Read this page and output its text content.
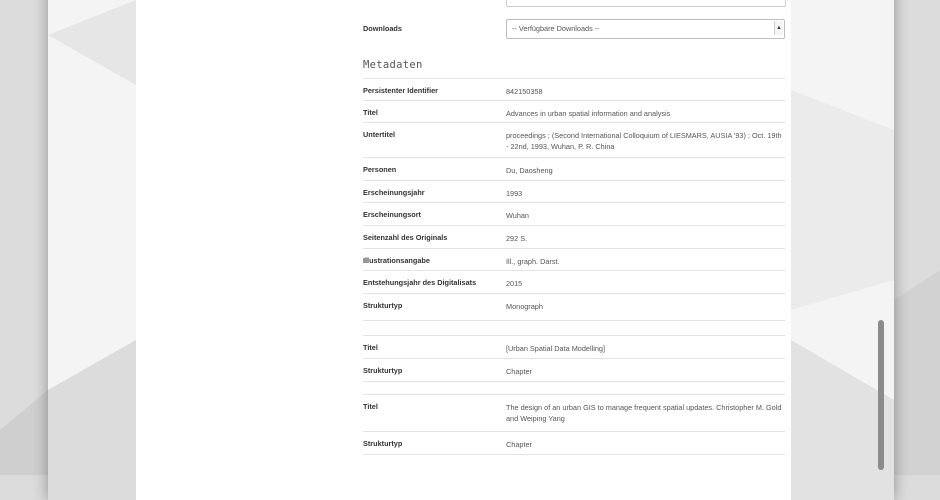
Downloads	-- Verfügbare Downloads --	▲

Metadaten
Persistenter Identifier	842150358
Titel	Advances in urban spatial information and analysis
Untertitel	proceedings ; (Second International Colloquium of LIESMARS, AUSIA '93) ; Oct. 19th - 22nd, 1993, Wuhan, P. R. China
Personen	Du, Daosheng
Erscheinungsjahr	1993
Erscheinungsort	Wuhan
Seitenzahl des Originals	292 S.
Illustrationsangabe	Ill., graph. Darst.
Entstehungsjahr des Digitalisats	2015
Strukturtyp	Monograph
Titel	[Urban Spatial Data Modelling]
Strukturtyp	Chapter
Titel	The design of an urban GIS to manage frequent spatial updates. Christopher M. Gold and Weiping Yang
Strukturtyp	Chapter
